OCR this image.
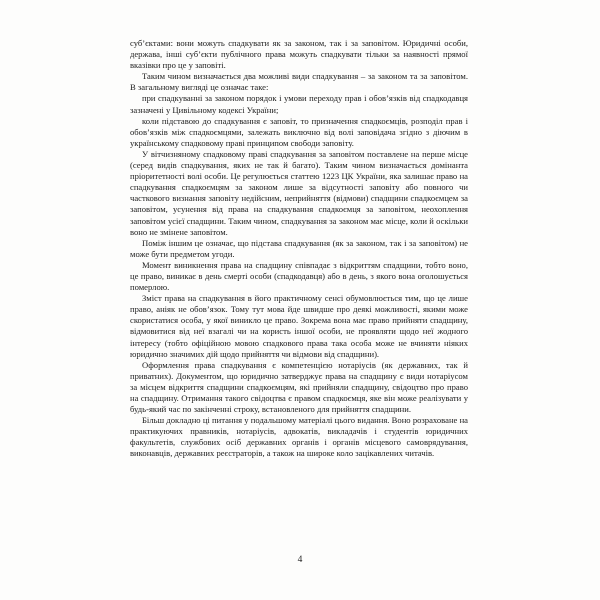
суб’єктами: вони можуть спадкувати як за законом, так і за заповітом. Юридичні особи, держава, інші суб’єкти публічного права можуть спадкувати тільки за наявності прямої вказівки про це у заповіті.

Таким чином визначається два можливі види спадкування – за законом та за заповітом. В загальному вигляді це означає таке:

при спадкуванні за законом порядок і умови переходу прав і обов’язків від спадкодавця зазначені у Цивільному кодексі України;

коли підставою до спадкування є заповіт, то призначення спадкоємців, розподіл прав і обов’язків між спадкоємцями, залежать виключно від волі заповідача згідно з діючим в українському спадковому праві принципом свободи заповіту.

У вітчизняному спадковому праві спадкування за заповітом поставлене на перше місце (серед видів спадкування, яких не так й багато). Таким чином визначається домінанта пріоритетності волі особи. Це регулюється статтею 1223 ЦК України, яка залишає право на спадкування спадкоємцям за законом лише за відсутності заповіту або повного чи часткового визнання заповіту недійсним, неприйняття (відмови) спадщини спадкоємцем за заповітом, усунення від права на спадкування спадкоємця за заповітом, неохоплення заповітом усієї спадщини. Таким чином, спадкування за законом має місце, коли й оскільки воно не змінене заповітом.

Поміж іншим це означає, що підстава спадкування (як за законом, так і за заповітом) не може бути предметом угоди.

Момент виникнення права на спадщину співпадає з відкриттям спадщини, тобто воно, це право, виникає в день смерті особи (спадкодавця) або в день, з якого вона оголошується померлою.

Зміст права на спадкування в його практичному сенсі обумовлюється тим, що це лише право, аніяк не обов’язок. Тому тут мова йде швидше про деякі можливості, якими може скористатися особа, у якої виникло це право. Зокрема вона має право прийняти спадщину, відмовитися від неї взагалі чи на користь іншої особи, не проявляти щодо неї жодного інтересу (тобто офіційною мовою спадкового права така особа може не вчиняти ніяких юридично значимих дій щодо прийняття чи відмови від спадщини).

Оформлення права спадкування є компетенцією нотаріусів (як державних, так й приватних). Документом, що юридично затверджує права на спадщину є види нотаріусом за місцем відкриття спадщини спадкоємцям, які прийняли спадщину, свідоцтво про право на спадщину. Отримання такого свідоцтва є правом спадкоємця, яке він може реалізувати у будь-який час по закінченні строку, встановленого для прийняття спадщини.

Більш докладно ці питання у подальшому матеріалі цього видання. Воно розраховане на практикуючих правників, нотаріусів, адвокатів, викладачів і студентів юридичних факультетів, службових осіб державних органів і органів місцевого самоврядування, виконавців, державних реєстраторів, а також на широке коло зацікавлених читачів.

4
